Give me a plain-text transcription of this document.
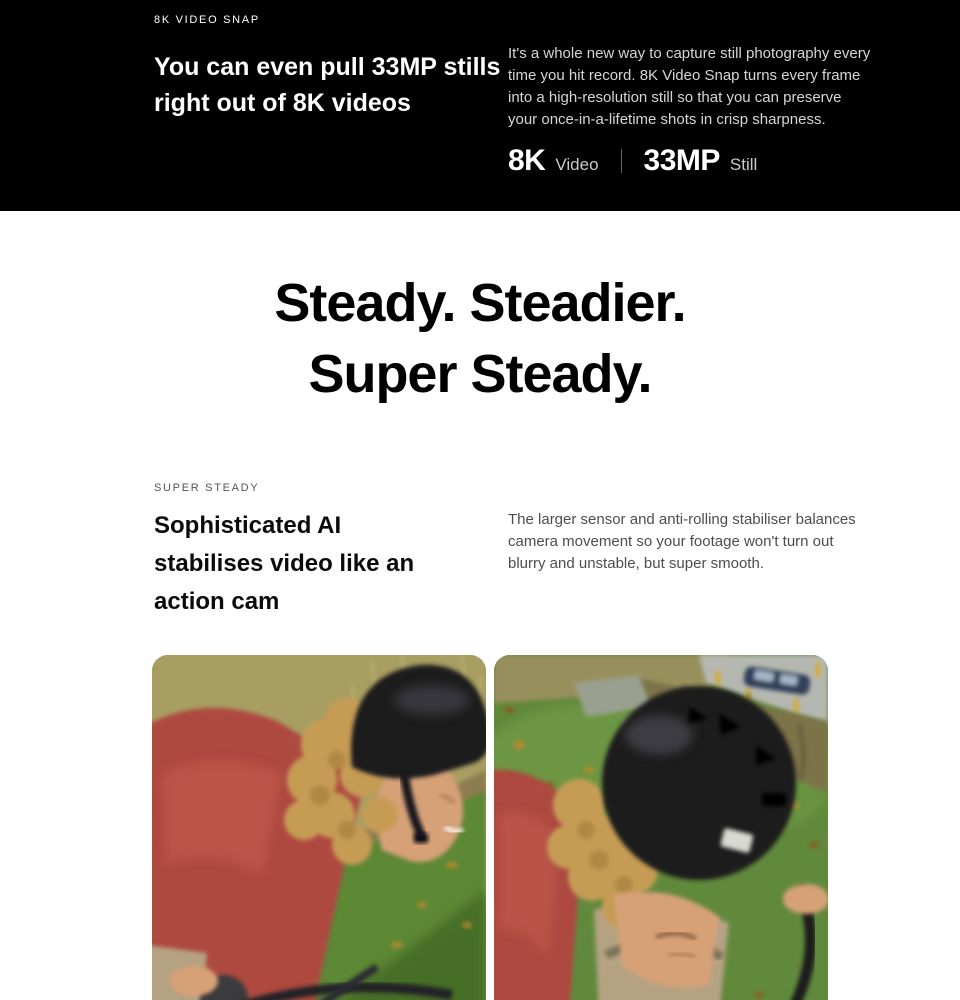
8K VIDEO SNAP
You can even pull 33MP stills
right out of 8K videos

It's a whole new way to capture still photography every time you hit record. 8K Video Snap turns every frame into a high-resolution still so that you can preserve your once-in-a-lifetime shots in crisp sharpness.

8K Video 33MP Still
Steady. Steadier.
Super Steady.
SUPER STEADY
Sophisticated AI
stabilises video like an
action cam

The larger sensor and anti-rolling stabiliser balances camera movement so your footage won't turn out blurry and unstable, but super smooth.
